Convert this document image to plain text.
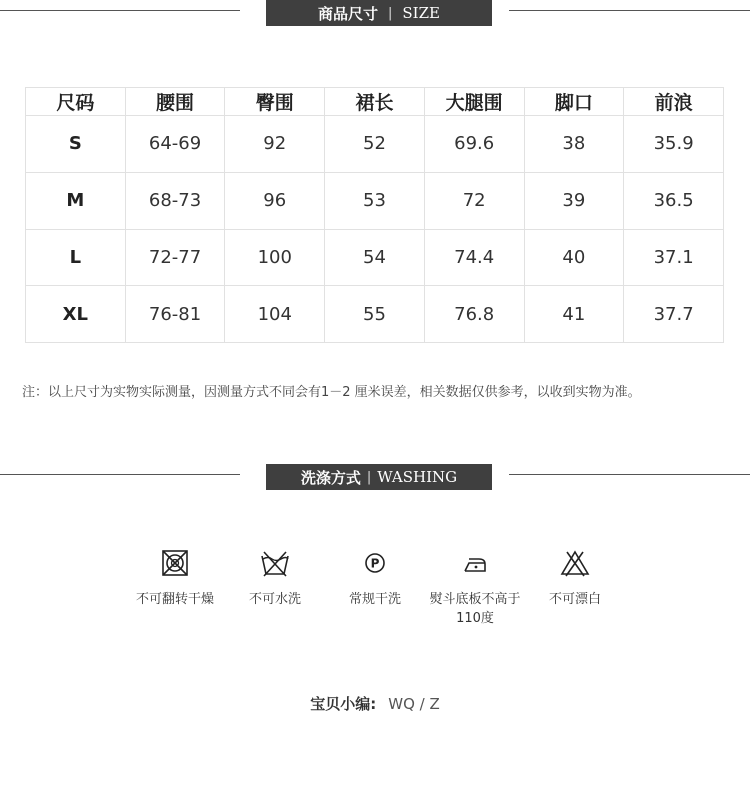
商品尺寸 | SIZE
尺码	腰围	臀围	裙长	大腿围	脚口	前浪
S	64-69	92	52	69.6	38	35.9
M	68-73	96	53	72	39	36.5
L	72-77	100	54	74.4	40	37.1
XL	76-81	104	55	76.8	41	37.7
注：以上尺寸为实物实际测量，因测量方式不同会有1－2 厘米误差，相关数据仅供参考，以收到实物为准。
洗涤方式 | WASHING
不可翻转干燥	不可水洗
P
常规干洗	熨斗底板不高于110度
不可漂白
宝贝小编: WQ / Z
